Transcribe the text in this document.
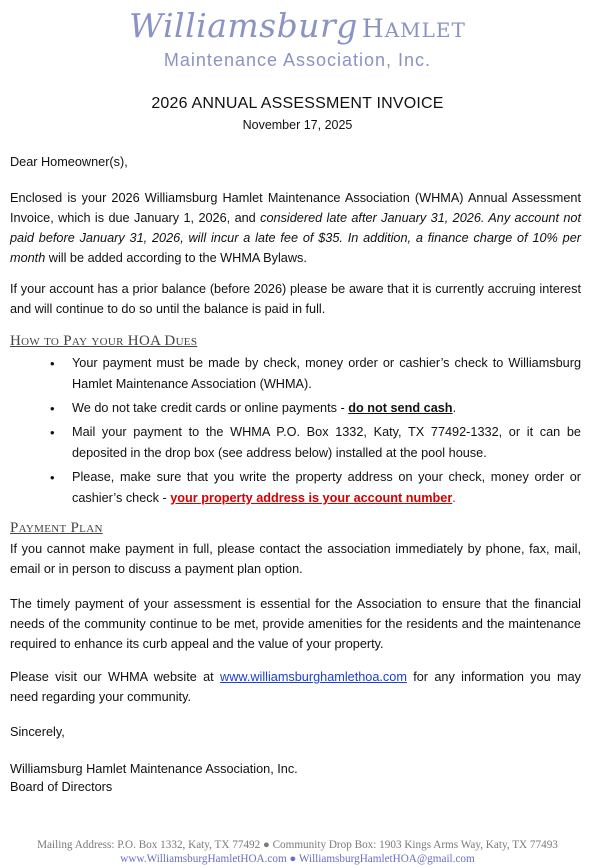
Williamsburg HAMLET
Maintenance Association, Inc.
2026 ANNUAL ASSESSMENT INVOICE
November 17, 2025
Dear Homeowner(s),
Enclosed is your 2026 Williamsburg Hamlet Maintenance Association (WHMA) Annual Assessment Invoice, which is due January 1, 2026, and considered late after January 31, 2026. Any account not paid before January 31, 2026, will incur a late fee of $35. In addition, a finance charge of 10% per month will be added according to the WHMA Bylaws.
If your account has a prior balance (before 2026) please be aware that it is currently accruing interest and will continue to do so until the balance is paid in full.
How to Pay your HOA Dues
• Your payment must be made by check, money order or cashier’s check to Williamsburg Hamlet Maintenance Association (WHMA).
• We do not take credit cards or online payments - do not send cash.
• Mail your payment to the WHMA P.O. Box 1332, Katy, TX 77492-1332, or it can be deposited in the drop box (see address below) installed at the pool house.
• Please, make sure that you write the property address on your check, money order or cashier’s check - your property address is your account number.
Payment Plan
If you cannot make payment in full, please contact the association immediately by phone, fax, mail, email or in person to discuss a payment plan option.
The timely payment of your assessment is essential for the Association to ensure that the financial needs of the community continue to be met, provide amenities for the residents and the maintenance required to enhance its curb appeal and the value of your property.
Please visit our WHMA website at www.williamsburghamlethoa.com for any information you may need regarding your community.
Sincerely,
Williamsburg Hamlet Maintenance Association, Inc.
Board of Directors
Mailing Address: P.O. Box 1332, Katy, TX 77492 ● Community Drop Box: 1903 Kings Arms Way, Katy, TX 77493
www.WilliamsburgHamletHOA.com ● WilliamsburgHamletHOA@gmail.com
